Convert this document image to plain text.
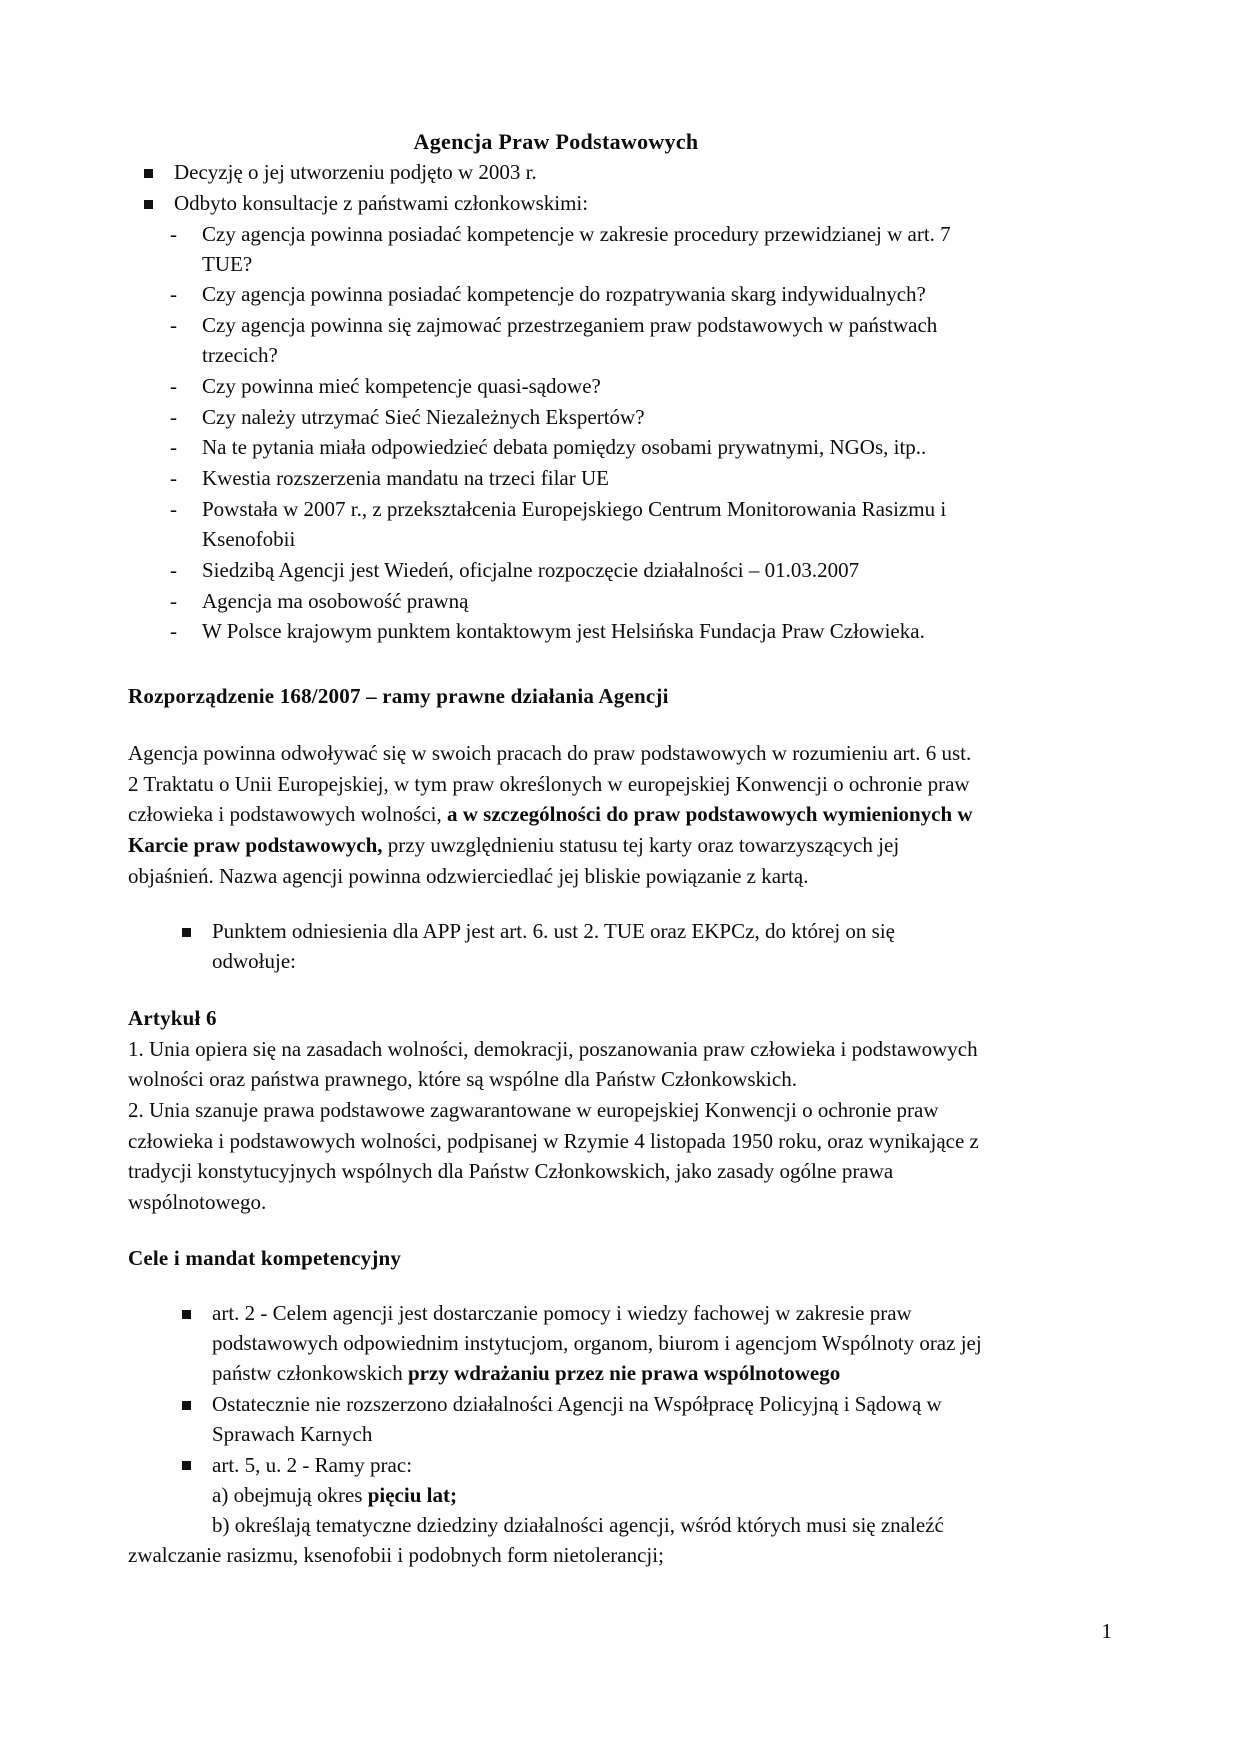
Agencja Praw Podstawowych
Decyzję o jej utworzeniu podjęto w 2003 r.
Odbyto konsultacje z państwami członkowskimi:
- Czy agencja powinna posiadać kompetencje w zakresie procedury przewidzianej w art. 7 TUE?
- Czy agencja powinna posiadać kompetencje do rozpatrywania skarg indywidualnych?
- Czy agencja powinna się zajmować przestrzeganiem praw podstawowych w państwach trzecich?
- Czy powinna mieć kompetencje quasi-sądowe?
- Czy należy utrzymać Sieć Niezależnych Ekspertów?
- Na te pytania miała odpowiedzieć debata pomiędzy osobami prywatnymi, NGOs, itp..
- Kwestia rozszerzenia mandatu na trzeci filar UE
- Powstała w 2007 r., z przekształcenia Europejskiego Centrum Monitorowania Rasizmu i Ksenofobii
- Siedzibą Agencji jest Wiedeń, oficjalne rozpoczęcie działalności – 01.03.2007
- Agencja ma osobowość prawną
- W Polsce krajowym punktem kontaktowym jest Helsińska Fundacja Praw Człowieka.
Rozporządzenie 168/2007 – ramy prawne działania Agencji

Agencja powinna odwoływać się w swoich pracach do praw podstawowych w rozumieniu art. 6 ust. 2 Traktatu o Unii Europejskiej, w tym praw określonych w europejskiej Konwencji o ochronie praw człowieka i podstawowych wolności, a w szczególności do praw podstawowych wymienionych w Karcie praw podstawowych, przy uwzględnieniu statusu tej karty oraz towarzyszących jej objaśnień. Nazwa agencji powinna odzwierciedlać jej bliskie powiązanie z kartą.

Punktem odniesienia dla APP jest art. 6. ust 2. TUE oraz EKPCz, do której on się odwołuje:
Artykuł 6

1. Unia opiera się na zasadach wolności, demokracji, poszanowania praw człowieka i podstawowych wolności oraz państwa prawnego, które są wspólne dla Państw Członkowskich.

2. Unia szanuje prawa podstawowe zagwarantowane w europejskiej Konwencji o ochronie praw człowieka i podstawowych wolności, podpisanej w Rzymie 4 listopada 1950 roku, oraz wynikające z tradycji konstytucyjnych wspólnych dla Państw Członkowskich, jako zasady ogólne prawa wspólnotowego.

Cele i mandat kompetencyjny
art. 2 - Celem agencji jest dostarczanie pomocy i wiedzy fachowej w zakresie praw podstawowych odpowiednim instytucjom, organom, biurom i agencjom Wspólnoty oraz jej państw członkowskich przy wdrażaniu przez nie prawa wspólnotowego
Ostatecznie nie rozszerzono działalności Agencji na Współpracę Policyjną i Sądową w Sprawach Karnych
art. 5, u. 2 - Ramy prac:

a) obejmują okres pięciu lat;

b) określają tematyczne dziedziny działalności agencji, wśród których musi się znaleźć

zwalczanie rasizmu, ksenofobii i podobnych form nietolerancji;

1
